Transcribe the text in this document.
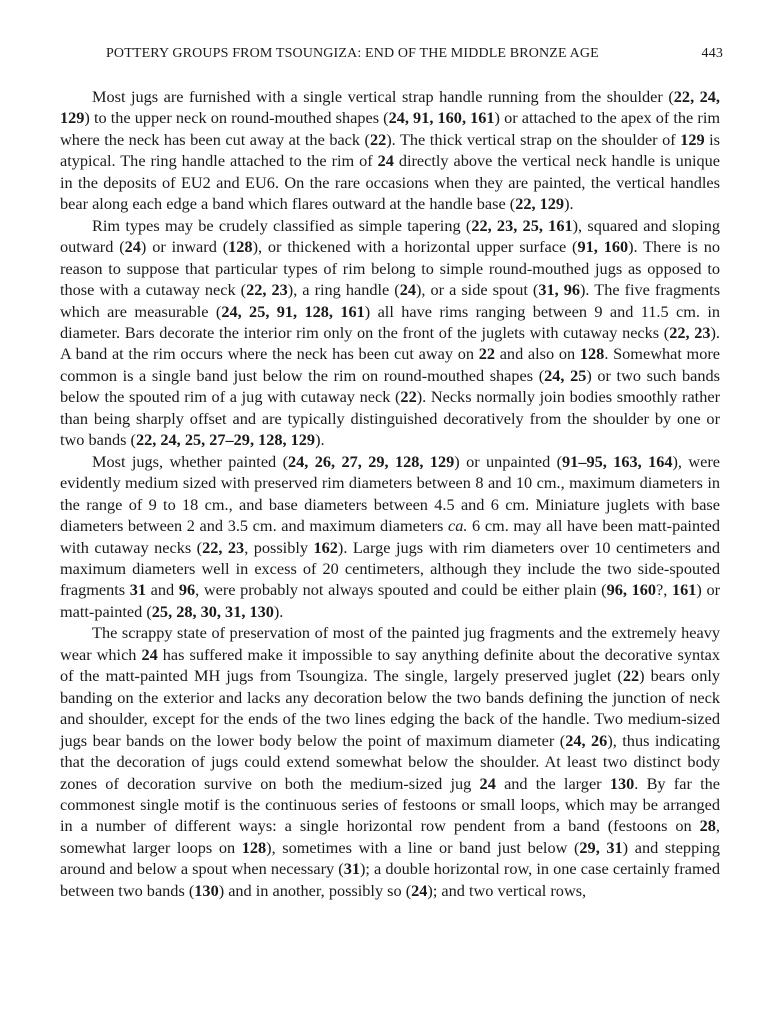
POTTERY GROUPS FROM TSOUNGIZA: END OF THE MIDDLE BRONZE AGE	443

Most jugs are furnished with a single vertical strap handle running from the shoulder (22, 24, 129) to the upper neck on round-mouthed shapes (24, 91, 160, 161) or attached to the apex of the rim where the neck has been cut away at the back (22). The thick vertical strap on the shoulder of 129 is atypical. The ring handle attached to the rim of 24 directly above the vertical neck handle is unique in the deposits of EU2 and EU6. On the rare occasions when they are painted, the vertical handles bear along each edge a band which flares outward at the handle base (22, 129).

Rim types may be crudely classified as simple tapering (22, 23, 25, 161), squared and sloping outward (24) or inward (128), or thickened with a horizontal upper surface (91, 160). There is no reason to suppose that particular types of rim belong to simple round-mouthed jugs as opposed to those with a cutaway neck (22, 23), a ring handle (24), or a side spout (31, 96). The five fragments which are measurable (24, 25, 91, 128, 161) all have rims ranging between 9 and 11.5 cm. in diameter. Bars decorate the interior rim only on the front of the juglets with cutaway necks (22, 23). A band at the rim occurs where the neck has been cut away on 22 and also on 128. Somewhat more common is a single band just below the rim on round-mouthed shapes (24, 25) or two such bands below the spouted rim of a jug with cutaway neck (22). Necks normally join bodies smoothly rather than being sharply offset and are typically distinguished decoratively from the shoulder by one or two bands (22, 24, 25, 27–29, 128, 129).

Most jugs, whether painted (24, 26, 27, 29, 128, 129) or unpainted (91–95, 163, 164), were evidently medium sized with preserved rim diameters between 8 and 10 cm., maximum diameters in the range of 9 to 18 cm., and base diameters between 4.5 and 6 cm. Miniature juglets with base diameters between 2 and 3.5 cm. and maximum diameters ca. 6 cm. may all have been matt-painted with cutaway necks (22, 23, possibly 162). Large jugs with rim diameters over 10 centimeters and maximum diameters well in excess of 20 centimeters, although they include the two side-spouted fragments 31 and 96, were probably not always spouted and could be either plain (96, 160?, 161) or matt-painted (25, 28, 30, 31, 130).

The scrappy state of preservation of most of the painted jug fragments and the extremely heavy wear which 24 has suffered make it impossible to say anything definite about the decorative syntax of the matt-painted MH jugs from Tsoungiza. The single, largely preserved juglet (22) bears only banding on the exterior and lacks any decoration below the two bands defining the junction of neck and shoulder, except for the ends of the two lines edging the back of the handle. Two medium-sized jugs bear bands on the lower body below the point of maximum diameter (24, 26), thus indicating that the decoration of jugs could extend somewhat below the shoulder. At least two distinct body zones of decoration survive on both the medium-sized jug 24 and the larger 130. By far the commonest single motif is the continuous series of festoons or small loops, which may be arranged in a number of different ways: a single horizontal row pendent from a band (festoons on 28, somewhat larger loops on 128), sometimes with a line or band just below (29, 31) and stepping around and below a spout when necessary (31); a double horizontal row, in one case certainly framed between two bands (130) and in another, possibly so (24); and two vertical rows,
